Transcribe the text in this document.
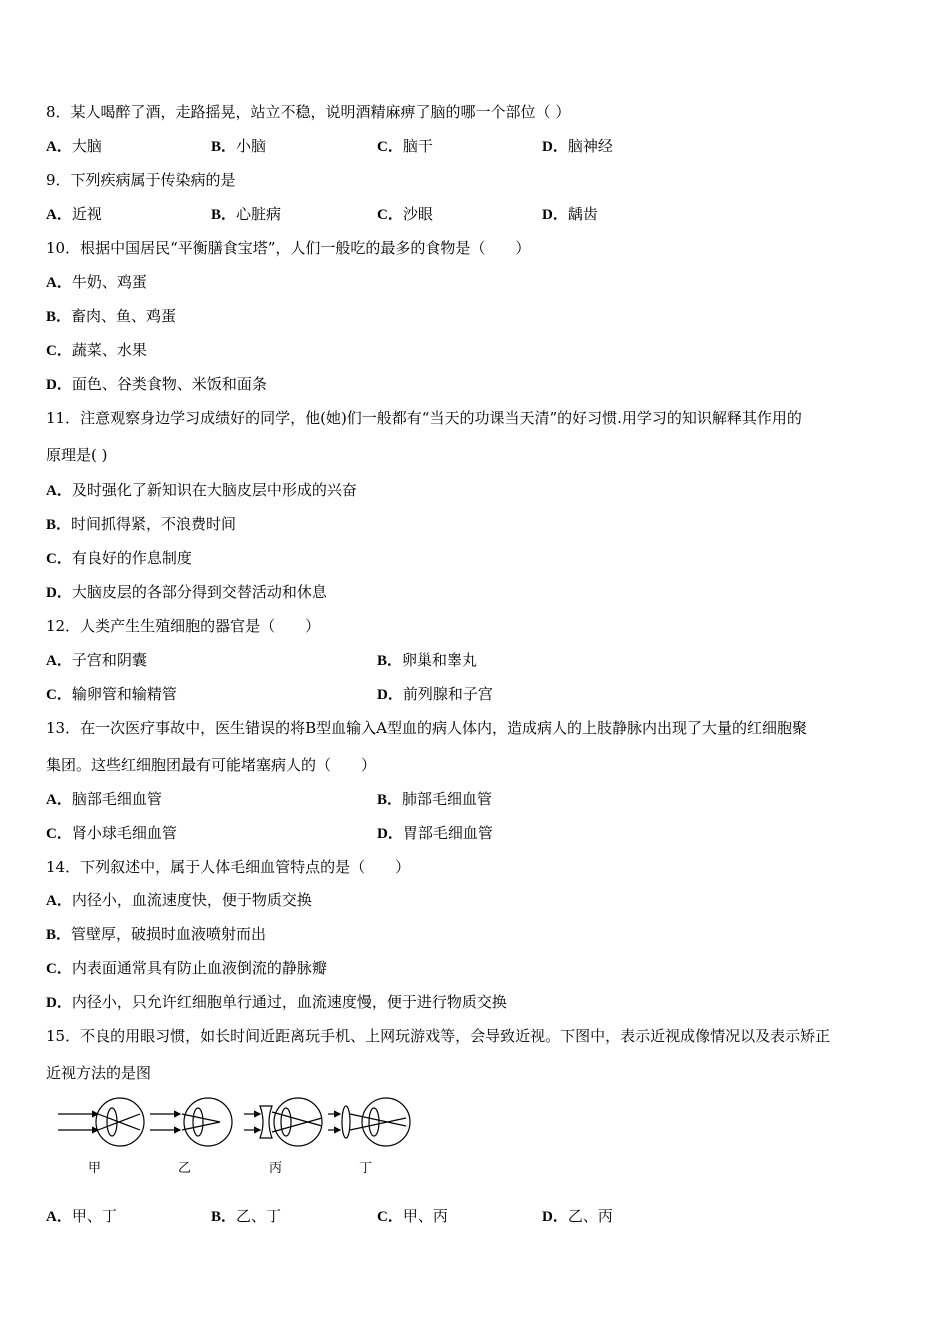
8．某人喝醉了酒，走路摇晃，站立不稳，说明酒精麻痹了脑的哪一个部位（ ）
A．大脑	B．小脑	C．脑干	D．脑神经
9．下列疾病属于传染病的是
A．近视	B．心脏病	C．沙眼	D．龋齿
10．根据中国居民“平衡膳食宝塔”，人们一般吃的最多的食物是（　　）
A．牛奶、鸡蛋
B．畜肉、鱼、鸡蛋
C．蔬菜、水果
D．面色、谷类食物、米饭和面条
11．注意观察身边学习成绩好的同学，他(她)们一般都有“当天的功课当天清”的好习惯.用学习的知识解释其作用的
原理是( )
A．及时强化了新知识在大脑皮层中形成的兴奋
B．时间抓得紧，不浪费时间
C．有良好的作息制度
D．大脑皮层的各部分得到交替活动和休息
12．人类产生生殖细胞的器官是（　　）
A．子宫和阴囊	B．卵巢和睾丸
C．输卵管和输精管	D．前列腺和子宫
13．在一次医疗事故中，医生错误的将B型血输入A型血的病人体内，造成病人的上肢静脉内出现了大量的红细胞聚
集团。这些红细胞团最有可能堵塞病人的（　　）
A．脑部毛细血管	B．肺部毛细血管
C．肾小球毛细血管	D．胃部毛细血管
14．下列叙述中，属于人体毛细血管特点的是（　　）
A．内径小，血流速度快，便于物质交换
B．管壁厚，破损时血液喷射而出
C．内表面通常具有防止血液倒流的静脉瓣
D．内径小，只允许红细胞单行通过，血流速度慢，便于进行物质交换
15．不良的用眼习惯，如长时间近距离玩手机、上网玩游戏等，会导致近视。下图中，表示近视成像情况以及表示矫正
近视方法的是图
甲	乙	丙	丁
A．甲、丁	B．乙、丁	C．甲、丙	D．乙、丙
